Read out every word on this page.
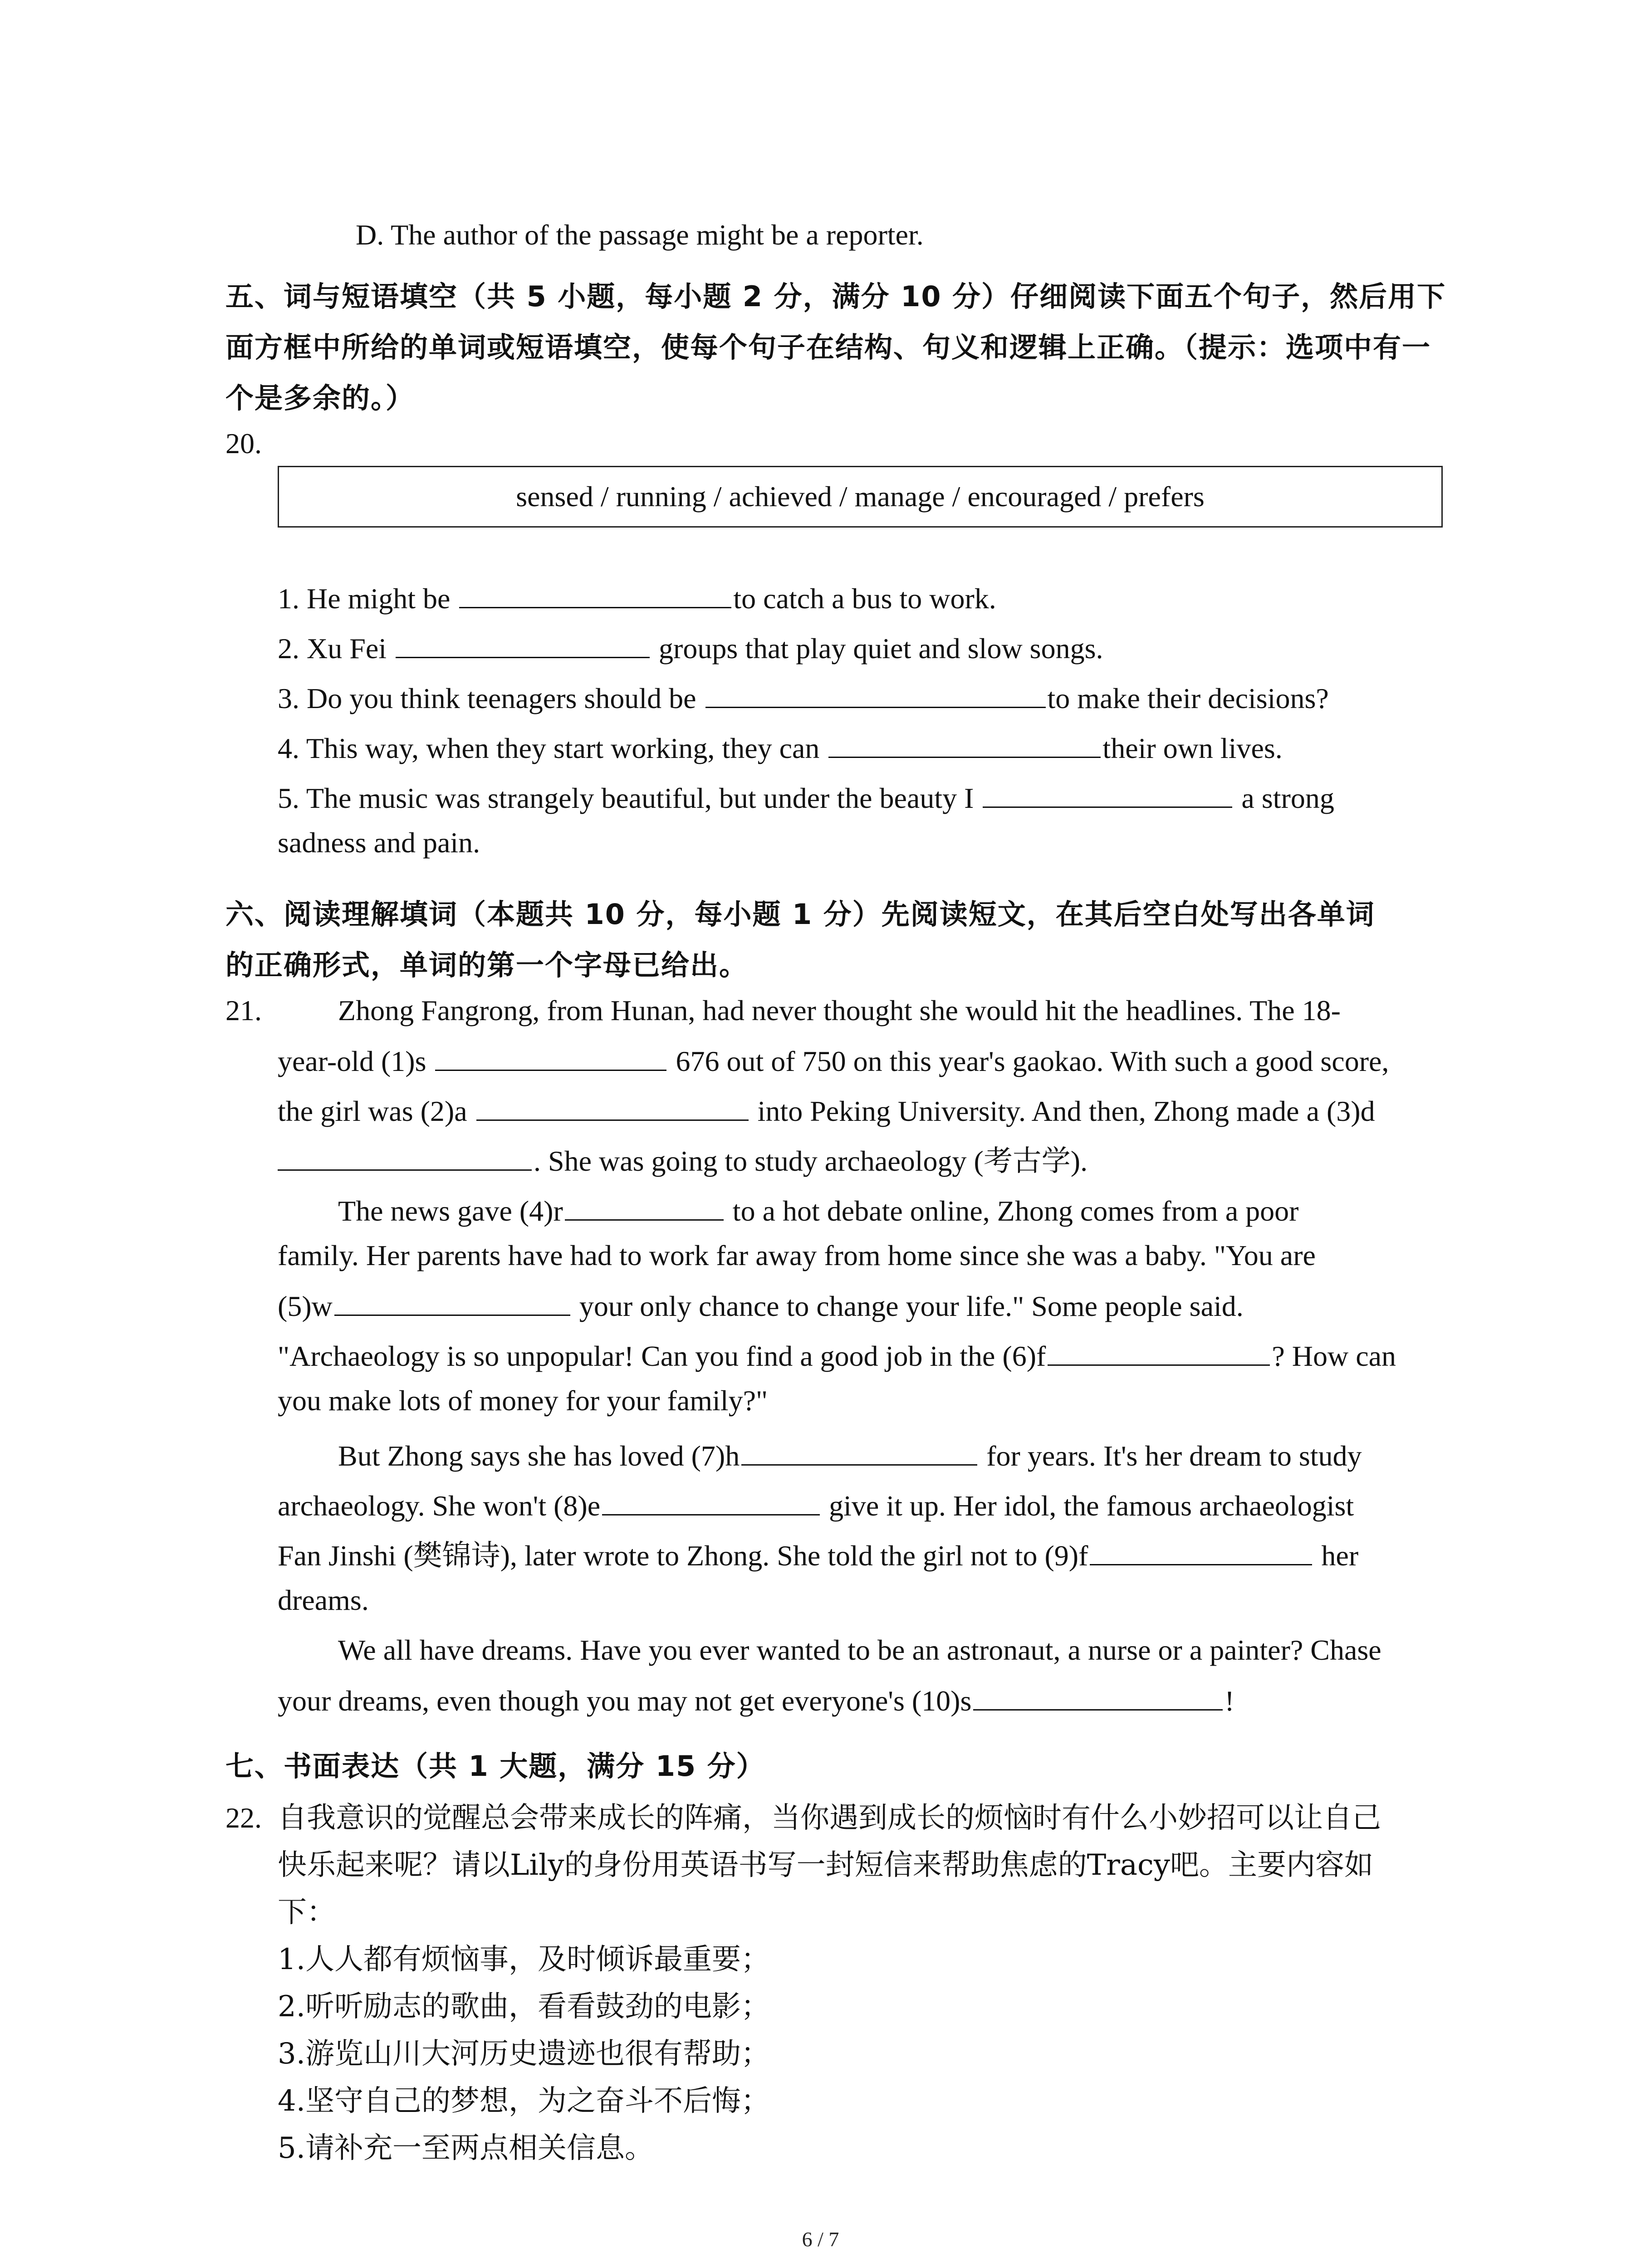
D. The author of the passage might be a reporter.
五、词与短语填空（共 5 小题，每小题 2 分，满分 10 分）仔细阅读下面五个句子，然后用下面方框中所给的单词或短语填空，使每个句子在结构、句义和逻辑上正确。（提示：选项中有一个是多余的。）
20.
sensed / running / achieved / manage / encouraged / prefers
1. He might be	to catch a bus to work.
2. Xu Fei	groups that play quiet and slow songs.
3. Do you think teenagers should be	to make their decisions?
4. This way, when they start working, they can	their own lives.
5. The music was strangely beautiful, but under the beauty I	a strong
sadness and pain.
六、阅读理解填词（本题共 10 分，每小题 1 分）先阅读短文，在其后空白处写出各单词
的正确形式，单词的第一个字母已给出。
21.	Zhong Fangrong, from Hunan, had never thought she would hit the headlines. The 18-
year-old (1)s	676 out of 750 on this year's gaokao. With such a good score,
the girl was (2)a	into Peking University. And then, Zhong made a (3)d
. She was going to study archaeology (考古学).
The news gave (4)r	to a hot debate online, Zhong comes from a poor
family. Her parents have had to work far away from home since she was a baby. "You are
(5)w	your only chance to change your life." Some people said.
"Archaeology is so unpopular! Can you find a good job in the (6)f	? How can
you make lots of money for your family?"
But Zhong says she has loved (7)h	for years. It's her dream to study
archaeology. She won't (8)e	give it up. Her idol, the famous archaeologist
Fan Jinshi (樊锦诗), later wrote to Zhong. She told the girl not to (9)f	her
dreams.
We all have dreams. Have you ever wanted to be an astronaut, a nurse or a painter? Chase
your dreams, even though you may not get everyone's (10)s	!
七、书面表达（共 1 大题，满分 15 分）
22. 自我意识的觉醒总会带来成长的阵痛，当你遇到成长的烦恼时有什么小妙招可以让自己
快乐起来呢？请以Lily的身份用英语书写一封短信来帮助焦虑的Tracy吧。主要内容如
下：
1.人人都有烦恼事，及时倾诉最重要；
2.听听励志的歌曲，看看鼓劲的电影；
3.游览山川大河历史遗迹也很有帮助；
4.坚守自己的梦想，为之奋斗不后悔；
5.请补充一至两点相关信息。
6 / 7
